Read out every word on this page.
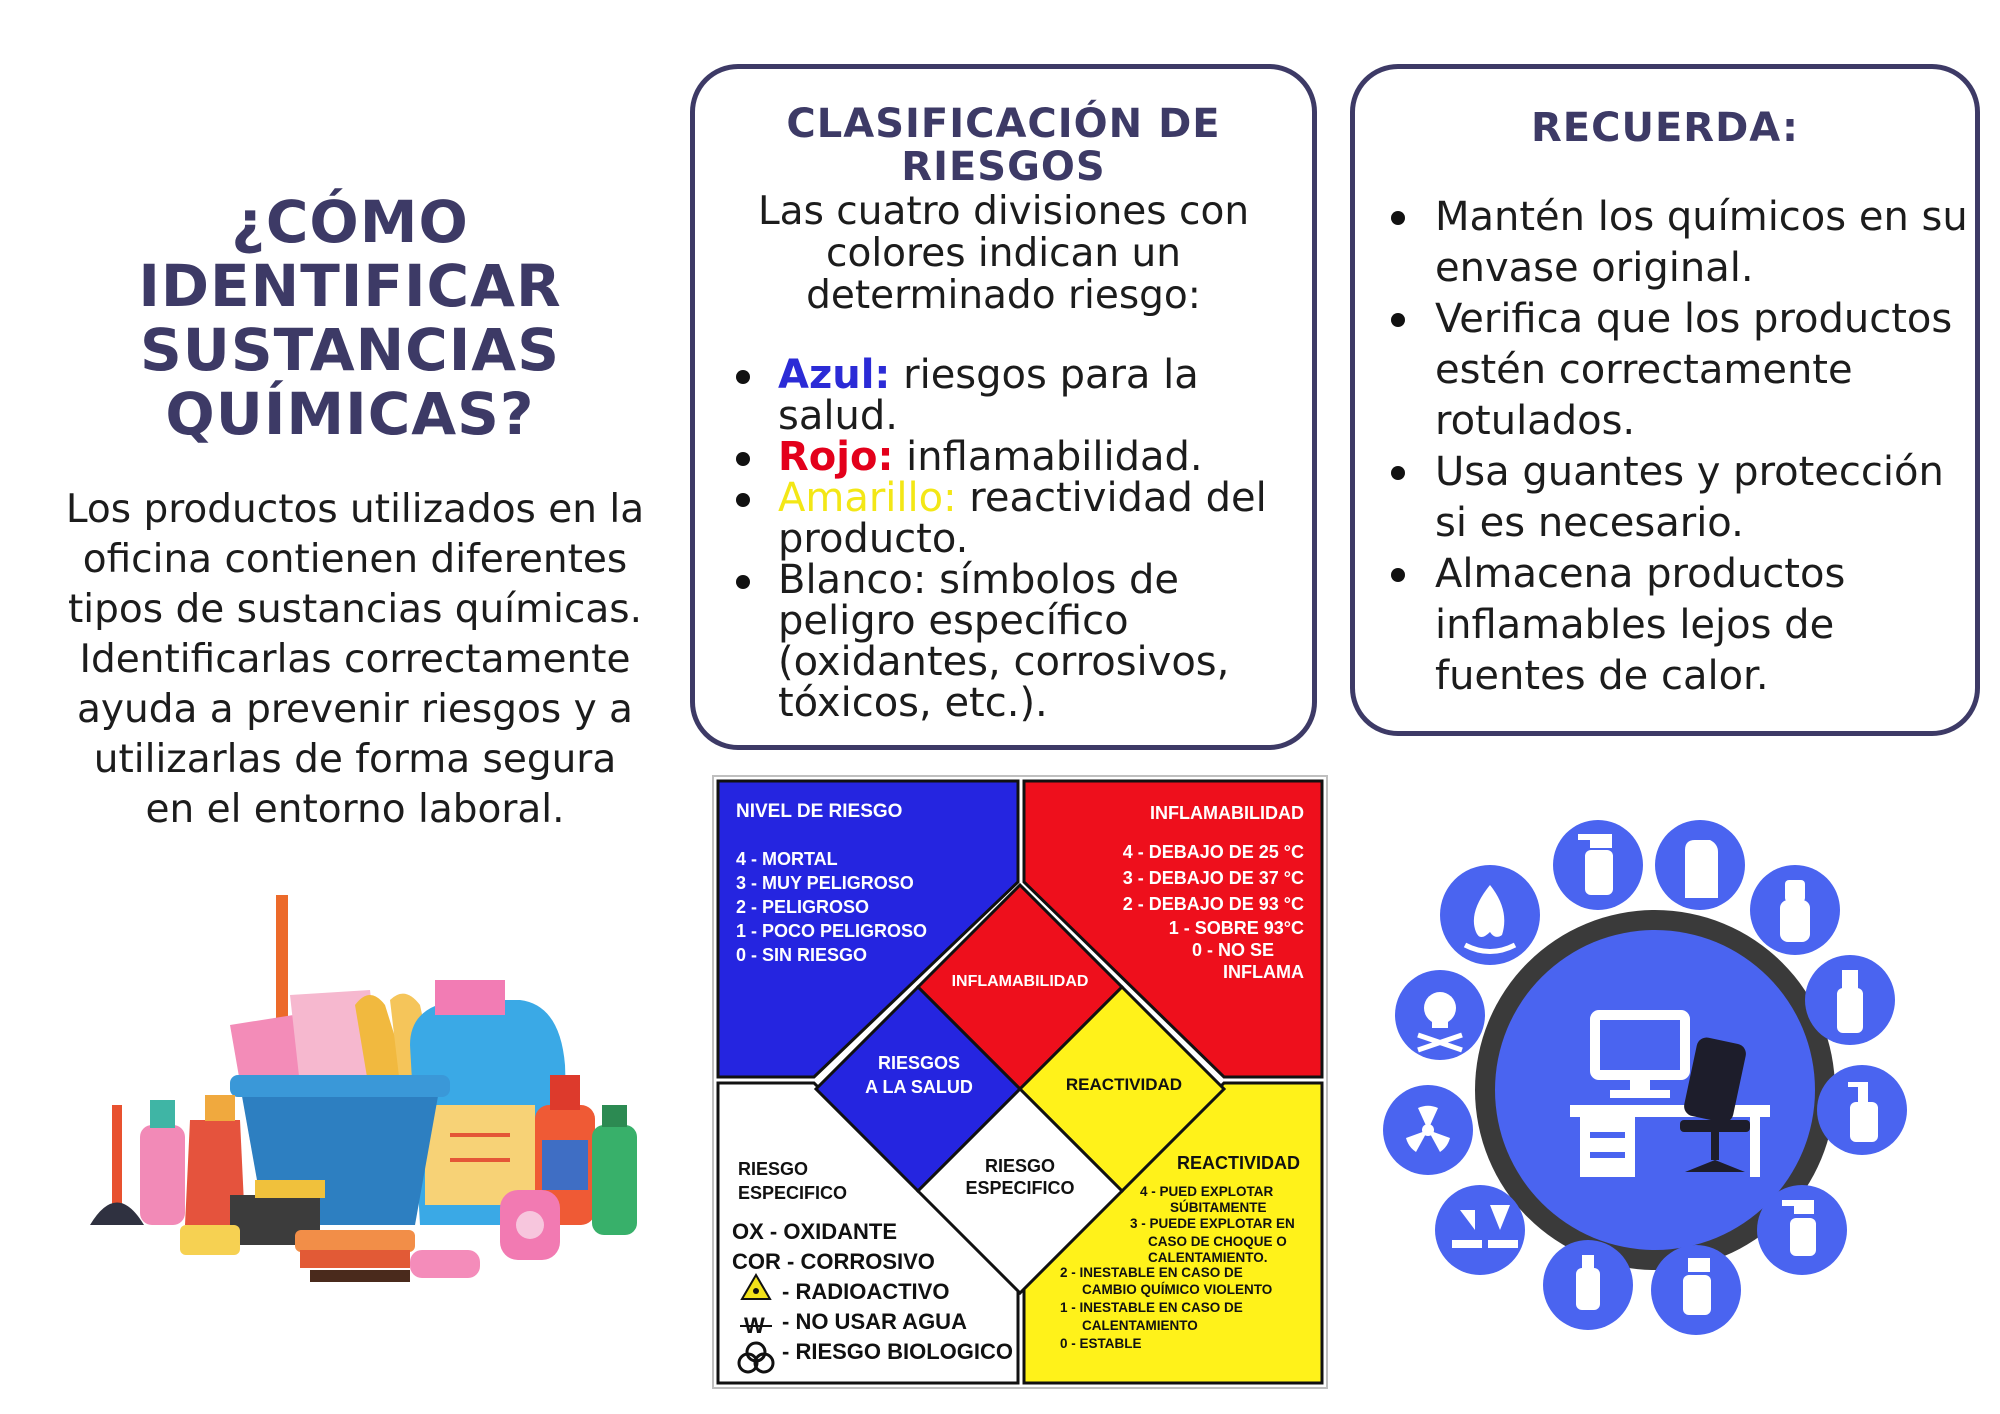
¿CÓMO IDENTIFICAR
SUSTANCIAS
QUÍMICAS?
Los productos utilizados en la
oficina contienen diferentes
tipos de sustancias químicas.
Identificarlas correctamente
ayuda a prevenir riesgos y a
utilizarlas de forma segura
en el entorno laboral.
CLASIFICACIÓN DE
RIESGOS
Las cuatro divisiones con
colores indican un
determinado riesgo:
Azul: riesgos para la
salud.
Rojo: inflamabilidad.
Amarillo: reactividad del
producto.
Blanco: símbolos de
peligro específico
(oxidantes, corrosivos,
tóxicos, etc.).
RECUERDA:
Mantén los químicos en su
envase original.
Verifica que los productos
estén correctamente
rotulados.
Usa guantes y protección
si es necesario.
Almacena productos
inflamables lejos de
fuentes de calor.
W
NIVEL DE RIESGO
4 - MORTAL
3 - MUY PELIGROSO
2 - PELIGROSO
1 - POCO PELIGROSO
0 - SIN RIESGO
INFLAMABILIDAD
4 - DEBAJO DE 25 °C
3 - DEBAJO DE 37 °C
2 - DEBAJO DE 93 °C
1 - SOBRE 93°C
0 - NO SE
INFLAMA
INFLAMABILIDAD
RIESGOS
A LA SALUD	REACTIVIDAD
RIESGO
ESPECIFICO
RIESGO
ESPECIFICO
OX - OXIDANTE
COR - CORROSIVO
- RADIOACTIVO
- NO USAR AGUA
- RIESGO BIOLOGICO
REACTIVIDAD
4 - PUED EXPLOTAR
SÚBITAMENTE
3 - PUEDE EXPLOTAR EN
CASO DE CHOQUE O
CALENTAMIENTO.
2 - INESTABLE EN CASO DE
CAMBIO QUÍMICO VIOLENTO
1 - INESTABLE EN CASO DE
CALENTAMIENTO
0 - ESTABLE
